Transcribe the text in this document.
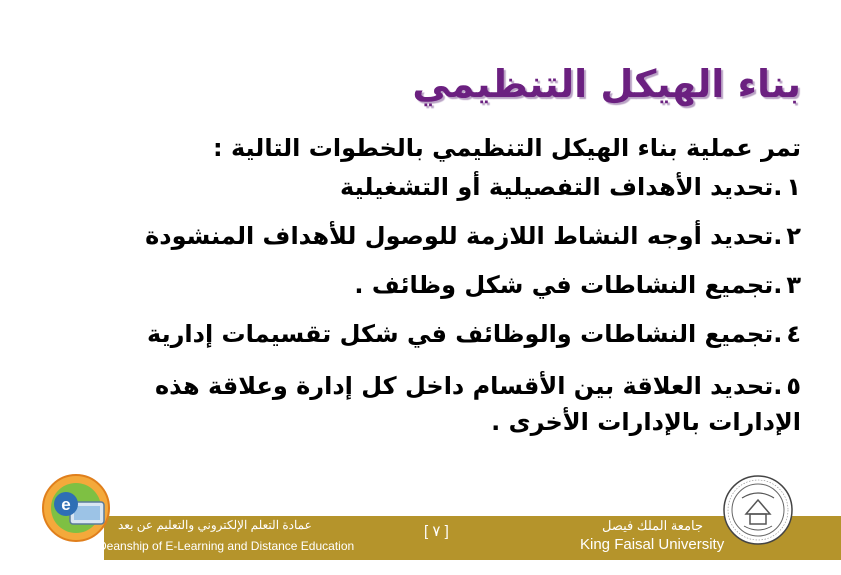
بناء الهيكل التنظيمي

تمر عملية بناء الهيكل التنظيمي بالخطوات التالية :

١.تحديد الأهداف التفصيلية أو التشغيلية
٢.تحديد أوجه النشاط اللازمة للوصول للأهداف المنشودة
٣.تجميع النشاطات في شكل وظائف .
٤.تجميع النشاطات والوظائف في شكل تقسيمات إدارية
٥.تحديد العلاقة بين الأقسام داخل كل إدارة وعلاقة هذه الإدارات بالإدارات الأخرى .
عمادة التعلم الإلكتروني والتعليم عن بعد
Deanship of E-Learning and Distance Education
[ ٧ ]	جامعة الملك فيصل
King Faisal University
e
